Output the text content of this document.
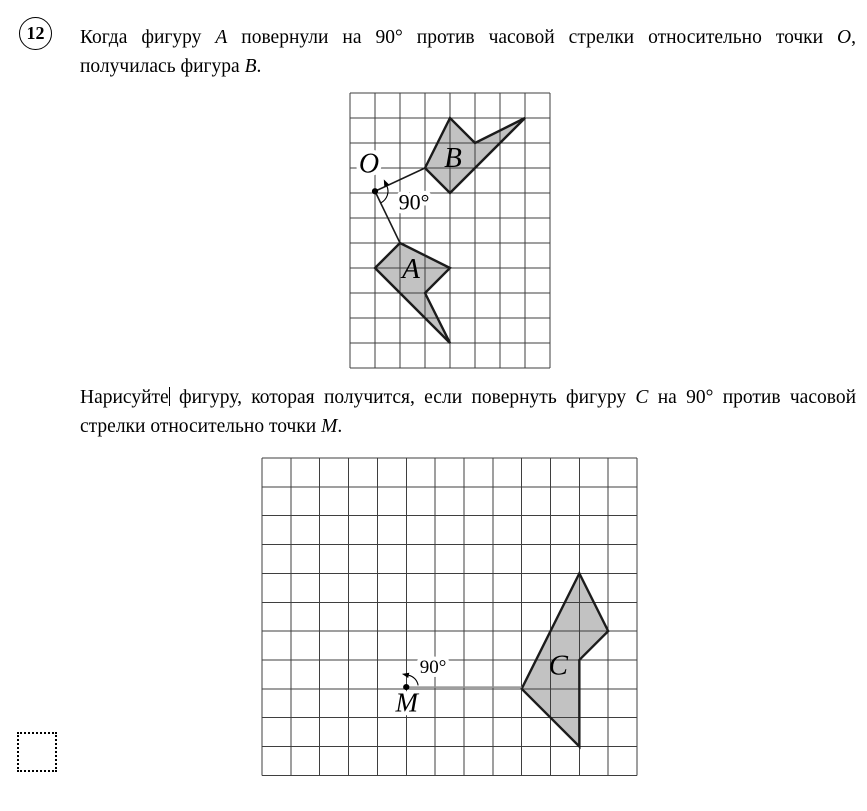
12	Когда фигуру A повернули на 90° против часовой стрелки относительно точки O,
получилась фигура B.
Нарисуйте фигуру, которая получится, если повернуть фигуру C на 90° против часовой
стрелки относительно точки M.
B
A
O
90°
C
M
90°
